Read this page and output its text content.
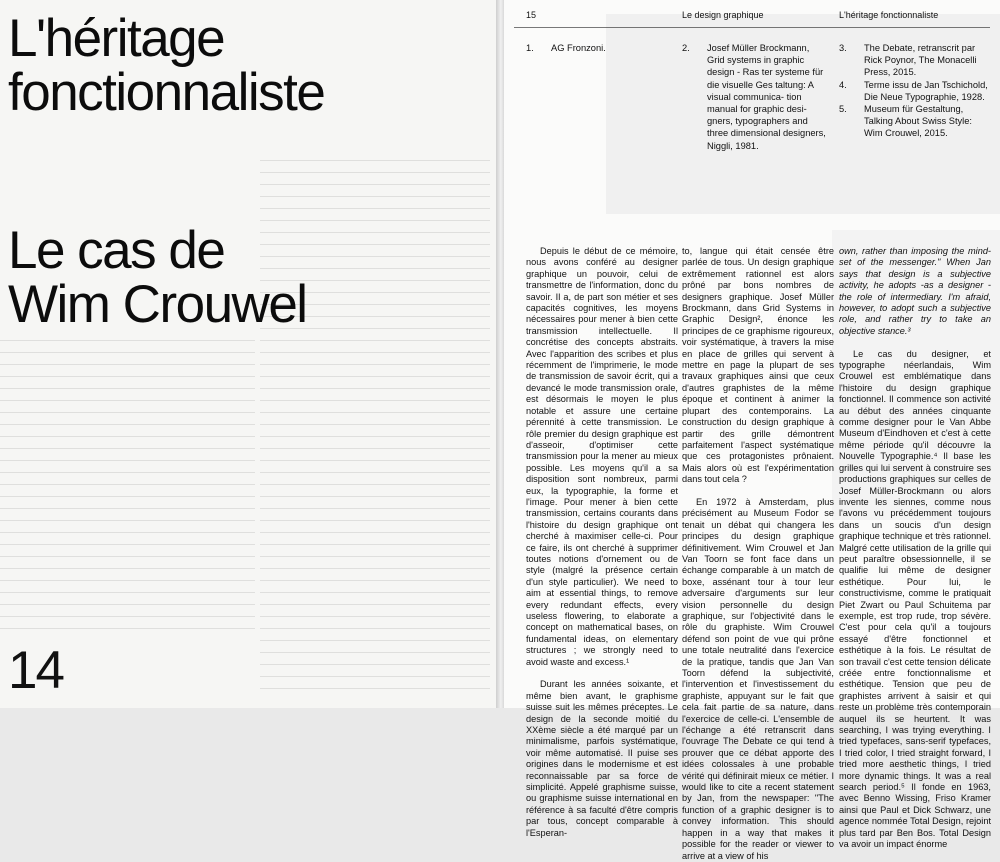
L'héritage
fonctionnaliste
Le cas de
Wim Crouwel
14
15	Le design graphique	L'héritage fonctionnaliste
1. AG Fronzoni.	2.	Josef Müller Brockmann, Grid systems in graphic design - Ras ter systeme für die visuelle Ges taltung: A visual communica- tion manual for graphic desi- gners, typographers and three dimensional designers, Niggli, 1981.
3.	The Debate, retranscrit par Rick Poynor, The Monacelli Press, 2015.
4.	Terme issu de Jan Tschichold, Die Neue Typographie, 1928.
5.	Museum für Gestaltung, Talking About Swiss Style: Wim Crouwel, 2015.

Depuis le début de ce mémoire, nous avons conféré au designer graphique un pouvoir, celui de transmettre de l'information, donc du savoir. Il a, de part son métier et ses capacités cognitives, les moyens nécessaires pour mener à bien cette transmission intellectuelle. Il concrétise des concepts abstraits. Avec l'apparition des scribes et plus récemment de l'imprimerie, le mode de transmission de savoir écrit, qui a devancé le mode transmission orale, est désormais le moyen le plus notable et assure une certaine pérennité à cette transmission. Le rôle premier du design graphique est d'asseoir, d'optimiser cette transmission pour la mener au mieux possible. Les moyens qu'il a sa disposition sont nombreux, parmi eux, la typographie, la forme et l'image. Pour mener à bien cette transmission, certains courants dans l'histoire du design graphique ont cherché à maximiser celle-ci. Pour ce faire, ils ont cherché à supprimer toutes notions d'ornement ou de style (malgré la présence certain d'un style particulier). We need to aim at essential things, to remove every redundant effects, every useless flowering, to elaborate a concept on mathematical bases, on fundamental ideas, on elementary structures ; we strongly need to avoid waste and excess.¹

Durant les années soixante, et même bien avant, le graphisme suisse suit les mêmes préceptes. Le design de la seconde moitié du XXème siècle a été marqué par un minimalisme, parfois systématique, voir même automatisé. Il puise ses origines dans le modernisme et est reconnaissable par sa force de simplicité. Appelé graphisme suisse, ou graphisme suisse international en référence à sa faculté d'être compris par tous, concept comparable à l'Esperan-

to, langue qui était censée être parlée de tous. Un design graphique extrêmement rationnel est alors prôné par bons nombres de designers graphique. Josef Müller Brockmann, dans Grid Systems in Graphic Design², énonce les principes de ce graphisme rigoureux, voir systématique, à travers la mise en place de grilles qui servent à mettre en page la plupart de ses travaux graphiques ainsi que ceux d'autres graphistes de la même époque et continent à animer la plupart des contemporains. La construction du design graphique à partir des grille démontrent parfaitement l'aspect systématique que ces protagonistes prônaient. Mais alors où est l'expérimentation dans tout cela ?

En 1972 à Amsterdam, plus précisément au Museum Fodor se tenait un débat qui changera les principes du design graphique définitivement. Wim Crouwel et Jan Van Toorn se font face dans un échange comparable à un match de boxe, assénant tour à tour leur adversaire d'arguments sur leur vision personnelle du design graphique, sur l'objectivité dans le rôle du graphiste. Wim Crouwel défend son point de vue qui prône une totale neutralité dans l'exercice de la pratique, tandis que Jan Van Toorn défend la subjectivité, l'intervention et l'investissement du graphiste, appuyant sur le fait que cela fait partie de sa nature, dans l'exercice de celle-ci. L'ensemble de l'échange a été retranscrit dans l'ouvrage The Debate ce qui tend à prouver que ce débat apporte des idées colossales à une probable vérité qui définirait mieux ce métier. I would like to cite a recent statement by Jan, from the newspaper: "The function of a graphic designer is to convey information. This should happen in a way that makes it possible for the reader or viewer to arrive at a view of his

own, rather than imposing the mind-set of the messenger." When Jan says that design is a subjective activity, he adopts -as a designer - the role of intermediary. I'm afraid, however, to adopt such a subjective role, and rather try to take an objective stance.³

Le cas du designer, et typographe néerlandais, Wim Crouwel est emblématique dans l'histoire du design graphique fonctionnel. Il commence son activité au début des années cinquante comme designer pour le Van Abbe Museum d'Eindhoven et c'est à cette même période qu'il découvre la Nouvelle Typographie.⁴ Il base les grilles qui lui servent à construire ses productions graphiques sur celles de Josef Müller-Brockmann ou alors invente les siennes, comme nous l'avons vu précédemment toujours dans un soucis d'un design graphique technique et très rationnel. Malgré cette utilisation de la grille qui peut paraître obsessionnelle, il se qualifie lui même de designer esthétique. Pour lui, le constructivisme, comme le pratiquait Piet Zwart ou Paul Schuitema par exemple, est trop rude, trop sévère. C'est pour cela qu'il a toujours essayé d'être fonctionnel et esthétique à la fois. Le résultat de son travail c'est cette tension délicate créée entre fonctionnalisme et esthétique. Tension que peu de graphistes arrivent à saisir et qui reste un problème très contemporain auquel ils se heurtent. It was searching, I was trying everything. I tried typefaces, sans-serif typefaces, I tried color, I tried straight forward, I tried more aesthetic things, I tried more dynamic things. It was a real search period.⁵ Il fonde en 1963, avec Benno Wissing, Friso Kramer ainsi que Paul et Dick Schwarz, une agence nommée Total Design, rejoint plus tard par Ben Bos. Total Design va avoir un impact énorme
